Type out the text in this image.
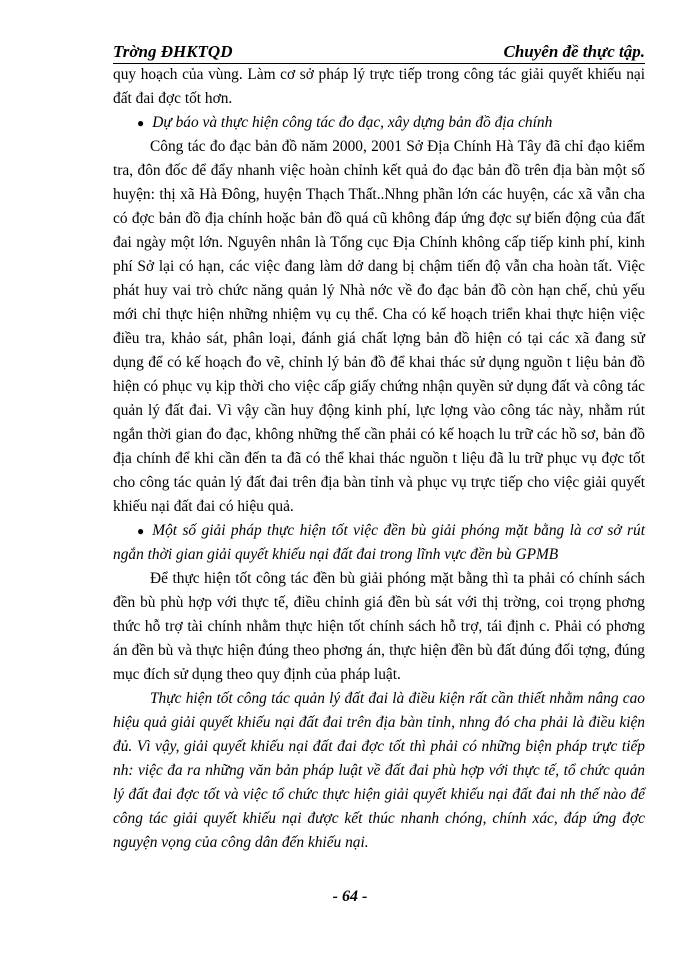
Trờng ĐHKTQD	Chuyên đề thực tập.

quy hoạch của vùng. Làm cơ sở pháp lý trực tiếp trong công tác giải quyết khiếu nại đất đai đợc tốt hơn.

● Dự báo và thực hiện công tác đo đạc, xây dựng bản đồ địa chính

Công tác đo đạc bản đồ năm 2000, 2001 Sở Địa Chính Hà Tây đã chỉ đạo kiểm tra, đôn đốc để đẩy nhanh việc hoàn chỉnh kết quả đo đạc bản đồ trên địa bàn một số huyện: thị xã Hà Đông, huyện Thạch Thất..Nhng phần lớn các huyện, các xã vẫn cha có đợc bản đồ địa chính hoặc bản đồ quá cũ không đáp ứng đợc sự biến động của đất đai ngày một lớn. Nguyên nhân là Tổng cục Địa Chính không cấp tiếp kinh phí, kinh phí Sở lại có hạn, các việc đang làm dở dang bị chậm tiến độ vẫn cha hoàn tất. Việc phát huy vai trò chức năng quản lý Nhà nớc về đo đạc bản đồ còn hạn chế, chủ yếu mới chỉ thực hiện những nhiệm vụ cụ thể. Cha có kế hoạch triển khai thực hiện việc điều tra, khảo sát, phân loại, đánh giá chất lợng bản đồ hiện có tại các xã đang sử dụng để có kế hoạch đo vẽ, chỉnh lý bản đồ để khai thác sử dụng nguồn t liệu bản đồ hiện có phục vụ kịp thời cho việc cấp giấy chứng nhận quyền sử dụng đất và công tác quản lý đất đai. Vì vậy cần huy động kinh phí, lực lợng vào công tác này, nhằm rút ngắn thời gian đo đạc, không những thế cần phải có kế hoạch lu trữ các hồ sơ, bản đồ địa chính để khi cần đến ta đã có thể khai thác nguồn t liệu đã lu trữ phục vụ đợc tốt cho công tác quản lý đất đai trên địa bàn tỉnh và phục vụ trực tiếp cho việc giải quyết khiếu nại đất đai có hiệu quả.

● Một số giải pháp thực hiện tốt việc đền bù giải phóng mặt bằng là cơ sở rút ngắn thời gian giải quyết khiếu nại đất đai trong lĩnh vực đền bù GPMB

Để thực hiện tốt công tác đền bù giải phóng mặt bằng thì ta phải có chính sách đền bù phù hợp với thực tế, điều chỉnh giá đền bù sát với thị trờng, coi trọng phơng thức hỗ trợ tài chính nhằm thực hiện tốt chính sách hỗ trợ, tái định c. Phải có phơng án đền bù và thực hiện đúng theo phơng án, thực hiện đền bù đất đúng đối tợng, đúng mục đích sử dụng theo quy định của pháp luật.

Thực hiện tốt công tác quản lý đất đai là điều kiện rất cần thiết nhằm nâng cao hiệu quả giải quyết khiếu nại đất đai trên địa bàn tỉnh, nhng đó cha phải là điều kiện đủ. Vì vậy, giải quyết khiếu nại đất đai đợc tốt thì phải có những biện pháp trực tiếp nh: việc đa ra những văn bản pháp luật về đất đai phù hợp với thực tế, tổ chức quản lý đất đai đợc tốt và việc tổ chức thực hiện giải quyết khiếu nại đất đai nh thế nào để công tác giải quyết khiếu nại được kết thúc nhanh chóng, chính xác, đáp ứng đợc nguyện vọng của công dân đến khiếu nại.

- 64 -
